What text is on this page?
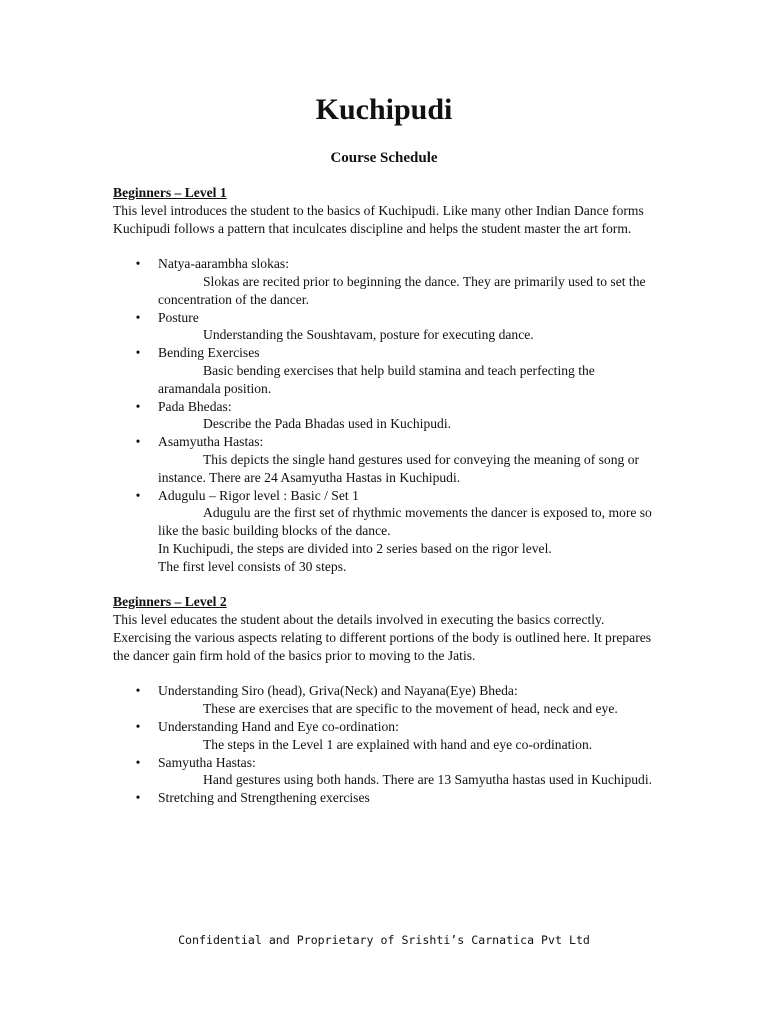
Kuchipudi
Course Schedule

Beginners – Level 1

This level introduces the student to the basics of Kuchipudi. Like many other Indian Dance forms Kuchipudi follows a pattern that inculcates discipline and helps the student master the art form.

• Natya-aarambha slokas:

Slokas are recited prior to beginning the dance. They are primarily used to set the concentration of the dancer.

• Posture

Understanding the Soushtavam, posture for executing dance.

• Bending Exercises

Basic bending exercises that help build stamina and teach perfecting the aramandala position.

• Pada Bhedas:

Describe the Pada Bhadas used in Kuchipudi.

• Asamyutha Hastas:

This depicts the single hand gestures used for conveying the meaning of song or instance. There are 24 Asamyutha Hastas in Kuchipudi.

• Adugulu – Rigor level : Basic / Set 1

Adugulu are the first set of rhythmic movements the dancer is exposed to, more so like the basic building blocks of the dance.

In Kuchipudi, the steps are divided into 2 series based on the rigor level.
The first level consists of 30 steps.

Beginners – Level 2

This level educates the student about the details involved in executing the basics correctly. Exercising the various aspects relating to different portions of the body is outlined here. It prepares the dancer gain firm hold of the basics prior to moving to the Jatis.

• Understanding Siro (head), Griva(Neck) and Nayana(Eye) Bheda:

These are exercises that are specific to the movement of head, neck and eye.

• Understanding Hand and Eye co-ordination:

The steps in the Level 1 are explained with hand and eye co-ordination.

• Samyutha Hastas:

Hand gestures using both hands. There are 13 Samyutha hastas used in Kuchipudi.

• Stretching and Strengthening exercises
Confidential and Proprietary of Srishti’s Carnatica Pvt Ltd
